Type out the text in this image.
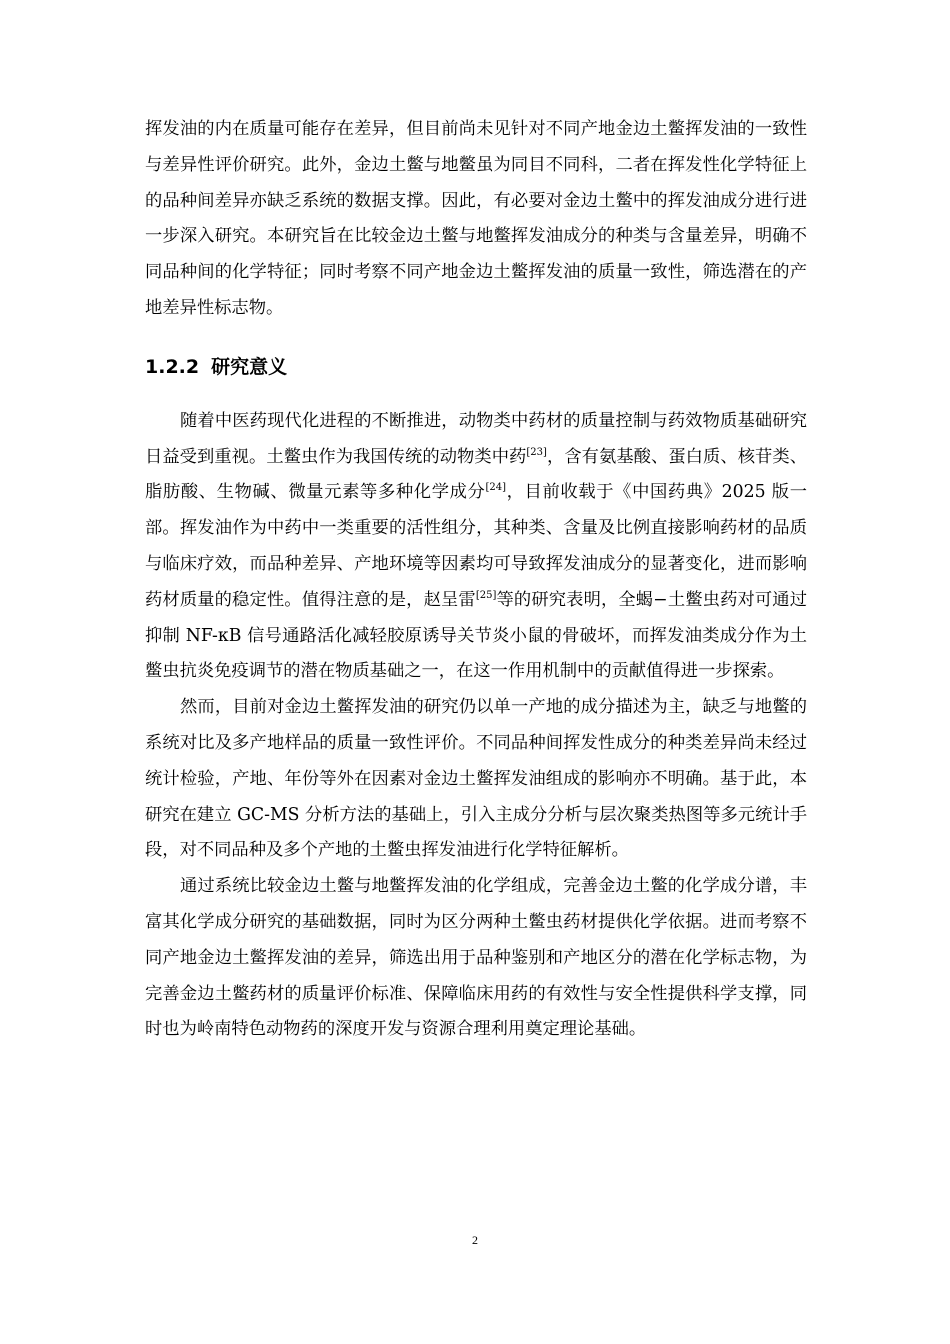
挥发油的内在质量可能存在差异，但目前尚未见针对不同产地金边土鳖挥发油的一致性与差异性评价研究。此外，金边土鳖与地鳖虽为同目不同科，二者在挥发性化学特征上的品种间差异亦缺乏系统的数据支撑。因此，有必要对金边土鳖中的挥发油成分进行进一步深入研究。本研究旨在比较金边土鳖与地鳖挥发油成分的种类与含量差异，明确不同品种间的化学特征；同时考察不同产地金边土鳖挥发油的质量一致性，筛选潜在的产地差异性标志物。

1.2.2 研究意义

随着中医药现代化进程的不断推进，动物类中药材的质量控制与药效物质基础研究日益受到重视。土鳖虫作为我国传统的动物类中药[23]，含有氨基酸、蛋白质、核苷类、脂肪酸、生物碱、微量元素等多种化学成分[24]，目前收载于《中国药典》2025 版一部。挥发油作为中药中一类重要的活性组分，其种类、含量及比例直接影响药材的品质与临床疗效，而品种差异、产地环境等因素均可导致挥发油成分的显著变化，进而影响药材质量的稳定性。值得注意的是，赵呈雷[25]等的研究表明，全蝎−土鳖虫药对可通过抑制 NF-κB 信号通路活化减轻胶原诱导关节炎小鼠的骨破坏，而挥发油类成分作为土鳖虫抗炎免疫调节的潜在物质基础之一，在这一作用机制中的贡献值得进一步探索。

然而，目前对金边土鳖挥发油的研究仍以单一产地的成分描述为主，缺乏与地鳖的系统对比及多产地样品的质量一致性评价。不同品种间挥发性成分的种类差异尚未经过统计检验，产地、年份等外在因素对金边土鳖挥发油组成的影响亦不明确。基于此，本研究在建立 GC-MS 分析方法的基础上，引入主成分分析与层次聚类热图等多元统计手段，对不同品种及多个产地的土鳖虫挥发油进行化学特征解析。

通过系统比较金边土鳖与地鳖挥发油的化学组成，完善金边土鳖的化学成分谱，丰富其化学成分研究的基础数据，同时为区分两种土鳖虫药材提供化学依据。进而考察不同产地金边土鳖挥发油的差异，筛选出用于品种鉴别和产地区分的潜在化学标志物，为完善金边土鳖药材的质量评价标准、保障临床用药的有效性与安全性提供科学支撑，同时也为岭南特色动物药的深度开发与资源合理利用奠定理论基础。

2
